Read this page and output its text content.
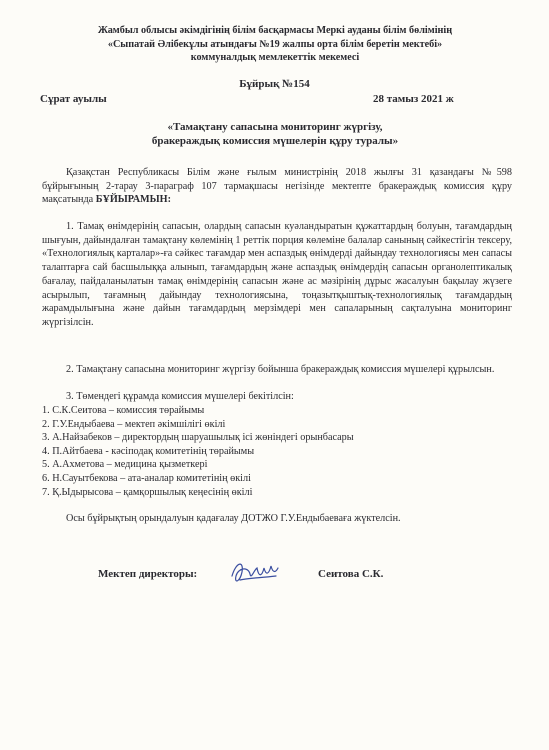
Жамбыл облысы әкімдігінің білім басқармасы Меркі ауданы білім бөлімінің
«Сыпатай Әлібекұлы атындағы №19 жалпы орта білім беретін мектебі»
коммуналдық мемлекеттік мекемесі
Бұйрық №154
Сұрат ауылы	28 тамыз 2021 ж
«Тамақтану сапасына мониторинг жүргізу,
бракераждық комиссия мүшелерін құру туралы»
Қазақстан Республикасы Білім және ғылым министрінің 2018 жылғы 31 қазандағы №598 бұйрығының 2-тарау 3-параграф 107 тармақшасы негізінде мектепте бракераждық комиссия құру мақсатында БҰЙЫРАМЫН:
1. Тамақ өнімдерінің сапасын, олардың сапасын куәландыратын құжаттардың болуын, тағамдардың шығуын, дайындалған тамақтану көлемінің 1 реттік порция көлеміне балалар санының сәйкестігін тексеру, «Технологиялық карталар»-ға сәйкес тағамдар мен аспаздық өнімдерді дайындау технологиясы мен сапасы талаптарға сай басшылыққа алынып, тағамдардың және аспаздық өнімдердің сапасын органолептикалық бағалау, пайдаланылатын тамақ өнімдерінің сапасын және ас мәзірінің дұрыс жасалуын бақылау жүзеге асырылып, тағамның дайындау технологиясына, тоңазытқыштық-технологиялық тағамдардың жарамдылығына және дайын тағамдардың мерзімдері мен сапаларының сақталуына мониторинг жүргізілсін.
2. Тамақтану сапасына мониторинг жүргізу бойынша бракераждық комиссия мүшелері құрылсын.
3. Төмендегі құрамда комиссия мүшелері бекітілсін:
1. С.К.Сеитова – комиссия төрайымы
2. Г.У.Ендыбаева – мектеп әкімшілігі өкілі
3. А.Найзабеков – директордың шаруашылық ісі жөніндегі орынбасары
4. П.Айтбаева - кәсіподақ комитетінің төрайымы
5. А.Ахметова – медицина қызметкері
6. Н.Сауытбекова – ата-аналар комитетінің өкілі
7. Қ.Ыдырысова – қамқоршылық кеңесінің өкілі
Осы бұйрықтың орындалуын қадағалау ДОТЖО Г.У.Ендыбаеваға жүктелсін.
Мектеп директоры:	Сеитова С.К.
